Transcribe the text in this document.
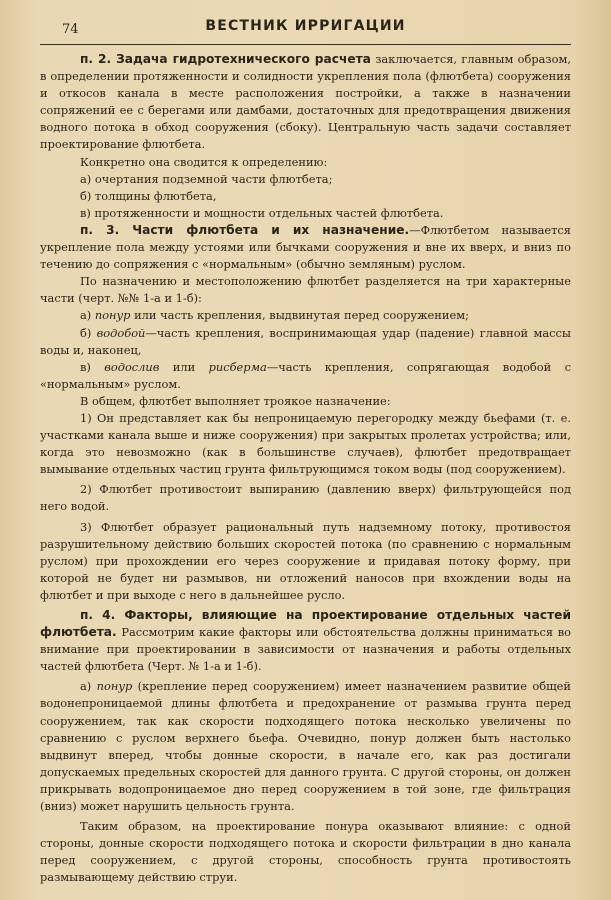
74	ВЕСТНИК ИРРИГАЦИИ

п. 2. Задача гидротехнического расчета заключается, главным образом, в определении протяженности и солидности укрепления пола (флютбета) сооружения и откосов канала в месте расположения постройки, а также в назначении сопряжений ее с берегами или дамбами, достаточных для предотвращения движения водного потока в обход сооружения (сбоку). Центральную часть задачи составляет проектирование флютбета.

Конкретно она сводится к определению:

а) очертания подземной части флютбета;

б) толщины флютбета,

в) протяженности и мощности отдельных частей флютбета.

п. 3. Части флютбета и их назначение.—Флютбетом называется укрепление пола между устоями или бычками сооружения и вне их вверх, и вниз по течению до сопряжения с «нормальным» (обычно земляным) руслом.

По назначению и местоположению флютбет разделяется на три характерные части (черт. №№ 1-а и 1-б):

а) понур или часть крепления, выдвинутая перед сооружением;

б) водобой—часть крепления, воспринимающая удар (падение) главной массы воды и, наконец,

в) водослив или рисберма—часть крепления, сопрягающая водобой с «нормальным» руслом.

В общем, флютбет выполняет троякое назначение:

1) Он представляет как бы непроницаемую перегородку между бьефами (т. е. участками канала выше и ниже сооружения) при закрытых пролетах устройства; или, когда это невозможно (как в большинстве случаев), флютбет предотвращает вымывание отдельных частиц грунта фильтрующимся током воды (под сооружением).

2) Флютбет противостоит выпиранию (давлению вверх) фильтрующейся под него водой.

3) Флютбет образует рациональный путь надземному потоку, противостоя разрушительному действию больших скоростей потока (по сравнению с нормальным руслом) при прохождении его через сооружение и придавая потоку форму, при которой не будет ни размывов, ни отложений наносов при вхождении воды на флютбет и при выходе с него в дальнейшее русло.

п. 4. Факторы, влияющие на проектирование отдельных частей флютбета. Рассмотрим какие факторы или обстоятельства должны приниматься во внимание при проектировании в зависимости от назначения и работы отдельных частей флютбета (Черт. № 1-а и 1-б).

а) понур (крепление перед сооружением) имеет назначением развитие общей водонепроницаемой длины флютбета и предохранение от размыва грунта перед сооружением, так как скорости подходящего потока несколько увеличены по сравнению с руслом верхнего бьефа. Очевидно, понур должен быть настолько выдвинут вперед, чтобы донные скорости, в начале его, как раз достигали допускаемых предельных скоростей для данного грунта. С другой стороны, он должен прикрывать водопроницаемое дно перед сооружением в той зоне, где фильтрация (вниз) может нарушить цельность грунта.

Таким образом, на проектирование понура оказывают влияние: с одной стороны, донные скорости подходящего потока и скорости фильтрации в дно канала перед сооружением, с другой стороны, способность грунта противостоять размывающему действию струи.
